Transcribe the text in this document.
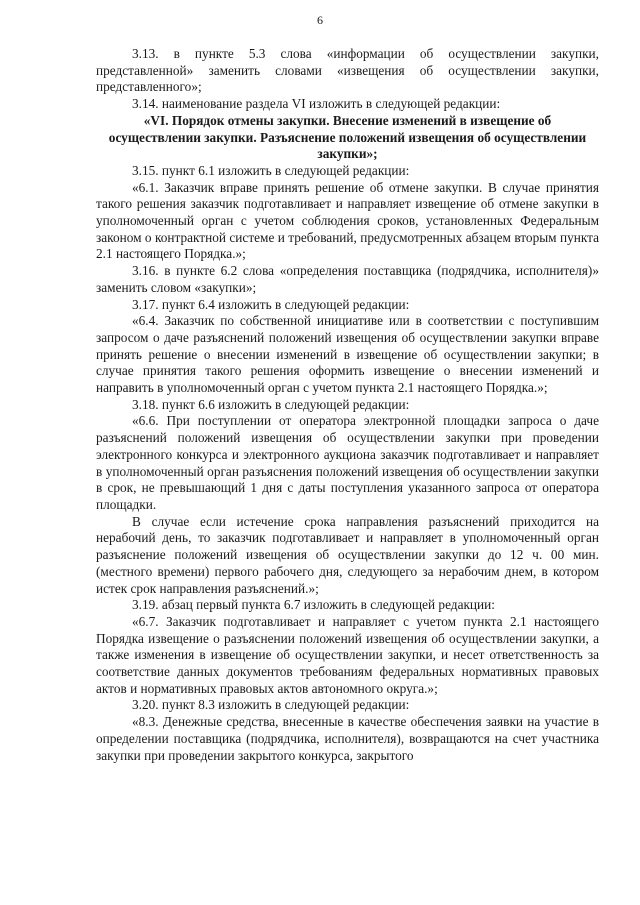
6

3.13. в пункте 5.3 слова «информации об осуществлении закупки, представленной» заменить словами «извещения об осуществлении закупки, представленного»;

3.14. наименование раздела VI изложить в следующей редакции:

«VI. Порядок отмены закупки. Внесение изменений в извещение об осуществлении закупки. Разъяснение положений извещения об осуществлении закупки»;

3.15. пункт 6.1 изложить в следующей редакции:

«6.1. Заказчик вправе принять решение об отмене закупки. В случае принятия такого решения заказчик подготавливает и направляет извещение об отмене закупки в уполномоченный орган с учетом соблюдения сроков, установленных Федеральным законом о контрактной системе и требований, предусмотренных абзацем вторым пункта 2.1 настоящего Порядка.»;

3.16. в пункте 6.2 слова «определения поставщика (подрядчика, исполнителя)» заменить словом «закупки»;

3.17. пункт 6.4 изложить в следующей редакции:

«6.4. Заказчик по собственной инициативе или в соответствии с поступившим запросом о даче разъяснений положений извещения об осуществлении закупки вправе принять решение о внесении изменений в извещение об осуществлении закупки; в случае принятия такого решения оформить извещение о внесении изменений и направить в уполномоченный орган с учетом пункта 2.1 настоящего Порядка.»;

3.18. пункт 6.6 изложить в следующей редакции:

«6.6. При поступлении от оператора электронной площадки запроса о даче разъяснений положений извещения об осуществлении закупки при проведении электронного конкурса и электронного аукциона заказчик подготавливает и направляет в уполномоченный орган разъяснения положений извещения об осуществлении закупки в срок, не превышающий 1 дня с даты поступления указанного запроса от оператора площадки.

В случае если истечение срока направления разъяснений приходится на нерабочий день, то заказчик подготавливает и направляет в уполномоченный орган разъяснение положений извещения об осуществлении закупки до 12 ч. 00 мин. (местного времени) первого рабочего дня, следующего за нерабочим днем, в котором истек срок направления разъяснений.»;

3.19. абзац первый пункта 6.7 изложить в следующей редакции:

«6.7. Заказчик подготавливает и направляет с учетом пункта 2.1 настоящего Порядка извещение о разъяснении положений извещения об осуществлении закупки, а также изменения в извещение об осуществлении закупки, и несет ответственность за соответствие данных документов требованиям федеральных нормативных правовых актов и нормативных правовых актов автономного округа.»;

3.20. пункт 8.3 изложить в следующей редакции:

«8.3. Денежные средства, внесенные в качестве обеспечения заявки на участие в определении поставщика (подрядчика, исполнителя), возвращаются на счет участника закупки при проведении закрытого конкурса, закрытого
